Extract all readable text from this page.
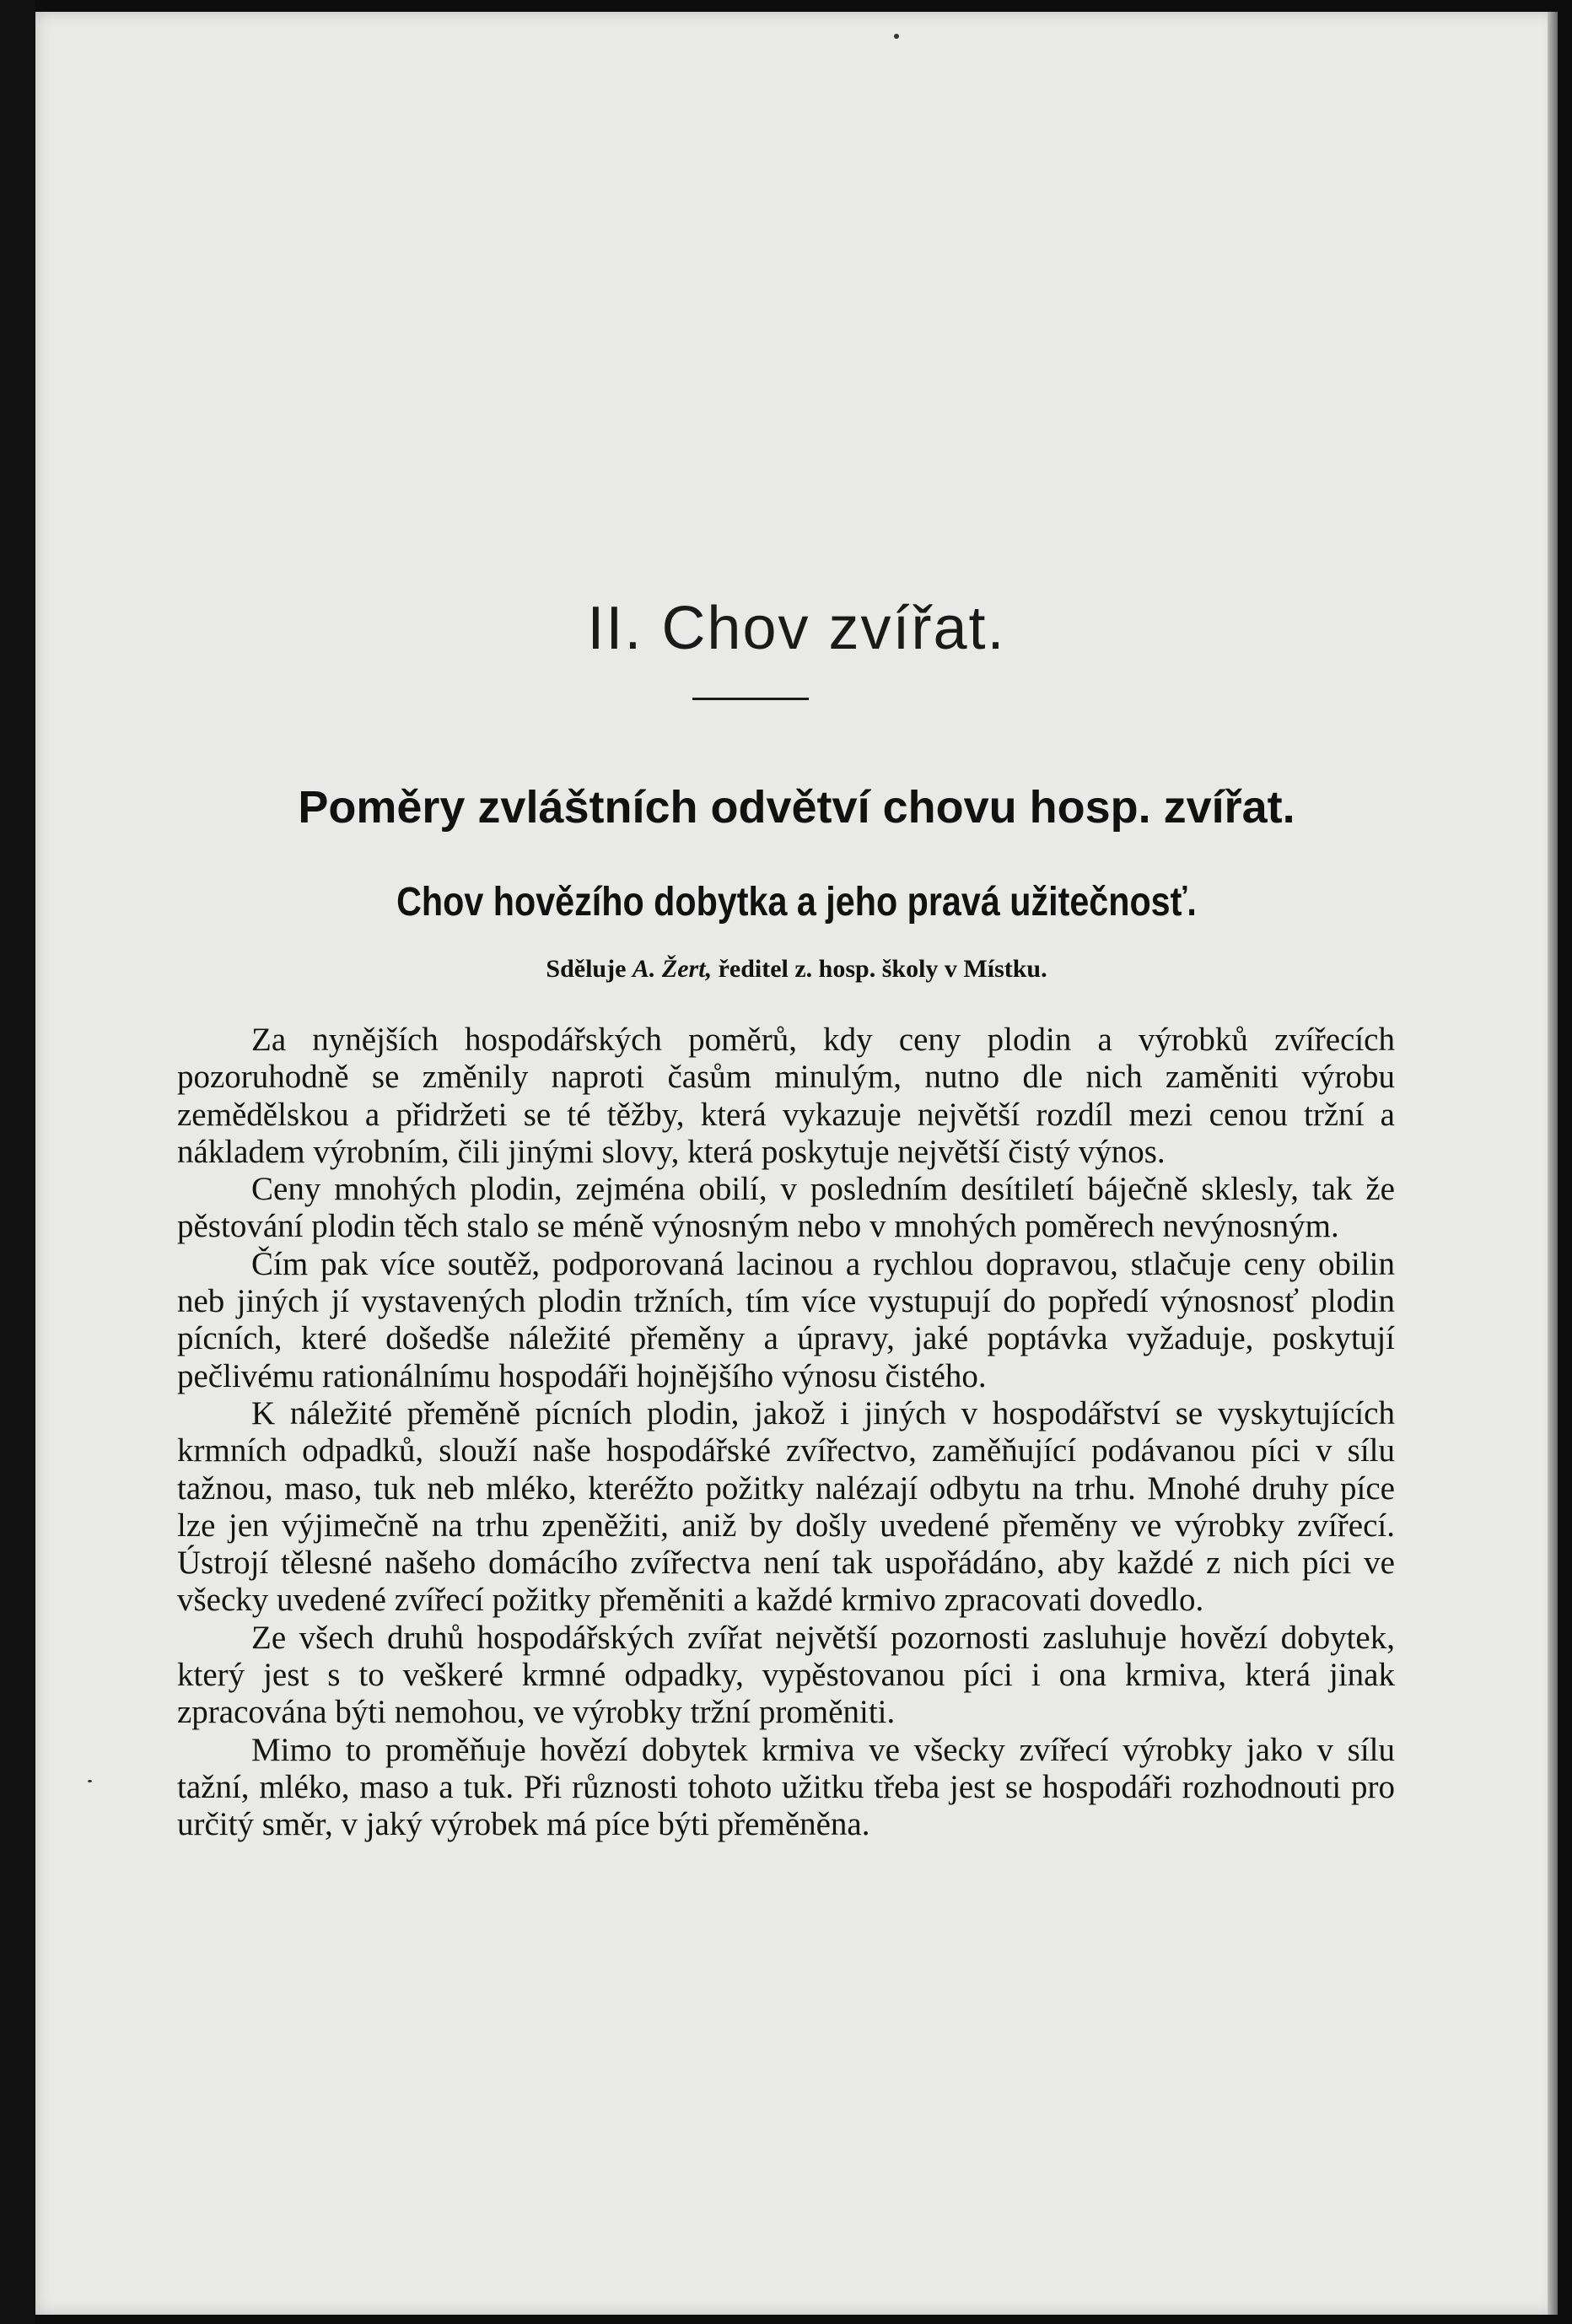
II. Chov zvířat.
Poměry zvláštních odvětví chovu hosp. zvířat.
Chov hovězího dobytka a jeho pravá užitečnosť.
Sděluje A. Žert, ředitel z. hosp. školy v Místku.

Za nynějších hospodářských poměrů, kdy ceny plodin a výrobků zvířecích pozoruhodně se změnily naproti časům minulým, nutno dle nich zaměniti výrobu zemědělskou a přidržeti se té těžby, která vykazuje největší rozdíl mezi cenou tržní a nákladem výrobním, čili jinými slovy, která poskytuje největší čistý výnos.

Ceny mnohých plodin, zejména obilí, v posledním desítiletí báječně sklesly, tak že pěstování plodin těch stalo se méně výnosným nebo v mnohých poměrech nevýnosným.

Čím pak více soutěž, podporovaná lacinou a rychlou dopravou, stlačuje ceny obilin neb jiných jí vystavených plodin tržních, tím více vystupují do popředí výnosnosť plodin pícních, které došedše náležité přeměny a úpravy, jaké poptávka vyžaduje, poskytují pečlivému rationálnímu hospodáři hojnějšího výnosu čistého.

K náležité přeměně pícních plodin, jakož i jiných v hospodářství se vyskytujících krmních odpadků, slouží naše hospodářské zvířectvo, zaměňující podávanou píci v sílu tažnou, maso, tuk neb mléko, kteréžto požitky nalézají odbytu na trhu. Mnohé druhy píce lze jen výjimečně na trhu zpeněžiti, aniž by došly uvedené přeměny ve výrobky zvířecí. Ústrojí tělesné našeho domácího zvířectva není tak uspořádáno, aby každé z nich píci ve všecky uvedené zvířecí požitky přeměniti a každé krmivo zpracovati dovedlo.

Ze všech druhů hospodářských zvířat největší pozornosti zasluhuje hovězí dobytek, který jest s to veškeré krmné odpadky, vypěstovanou píci i ona krmiva, která jinak zpracována býti nemohou, ve výrobky tržní proměniti.

Mimo to proměňuje hovězí dobytek krmiva ve všecky zvířecí výrobky jako v sílu tažní, mléko, maso a tuk. Při různosti tohoto užitku třeba jest se hospodáři rozhodnouti pro určitý směr, v jaký výrobek má píce býti přeměněna.
